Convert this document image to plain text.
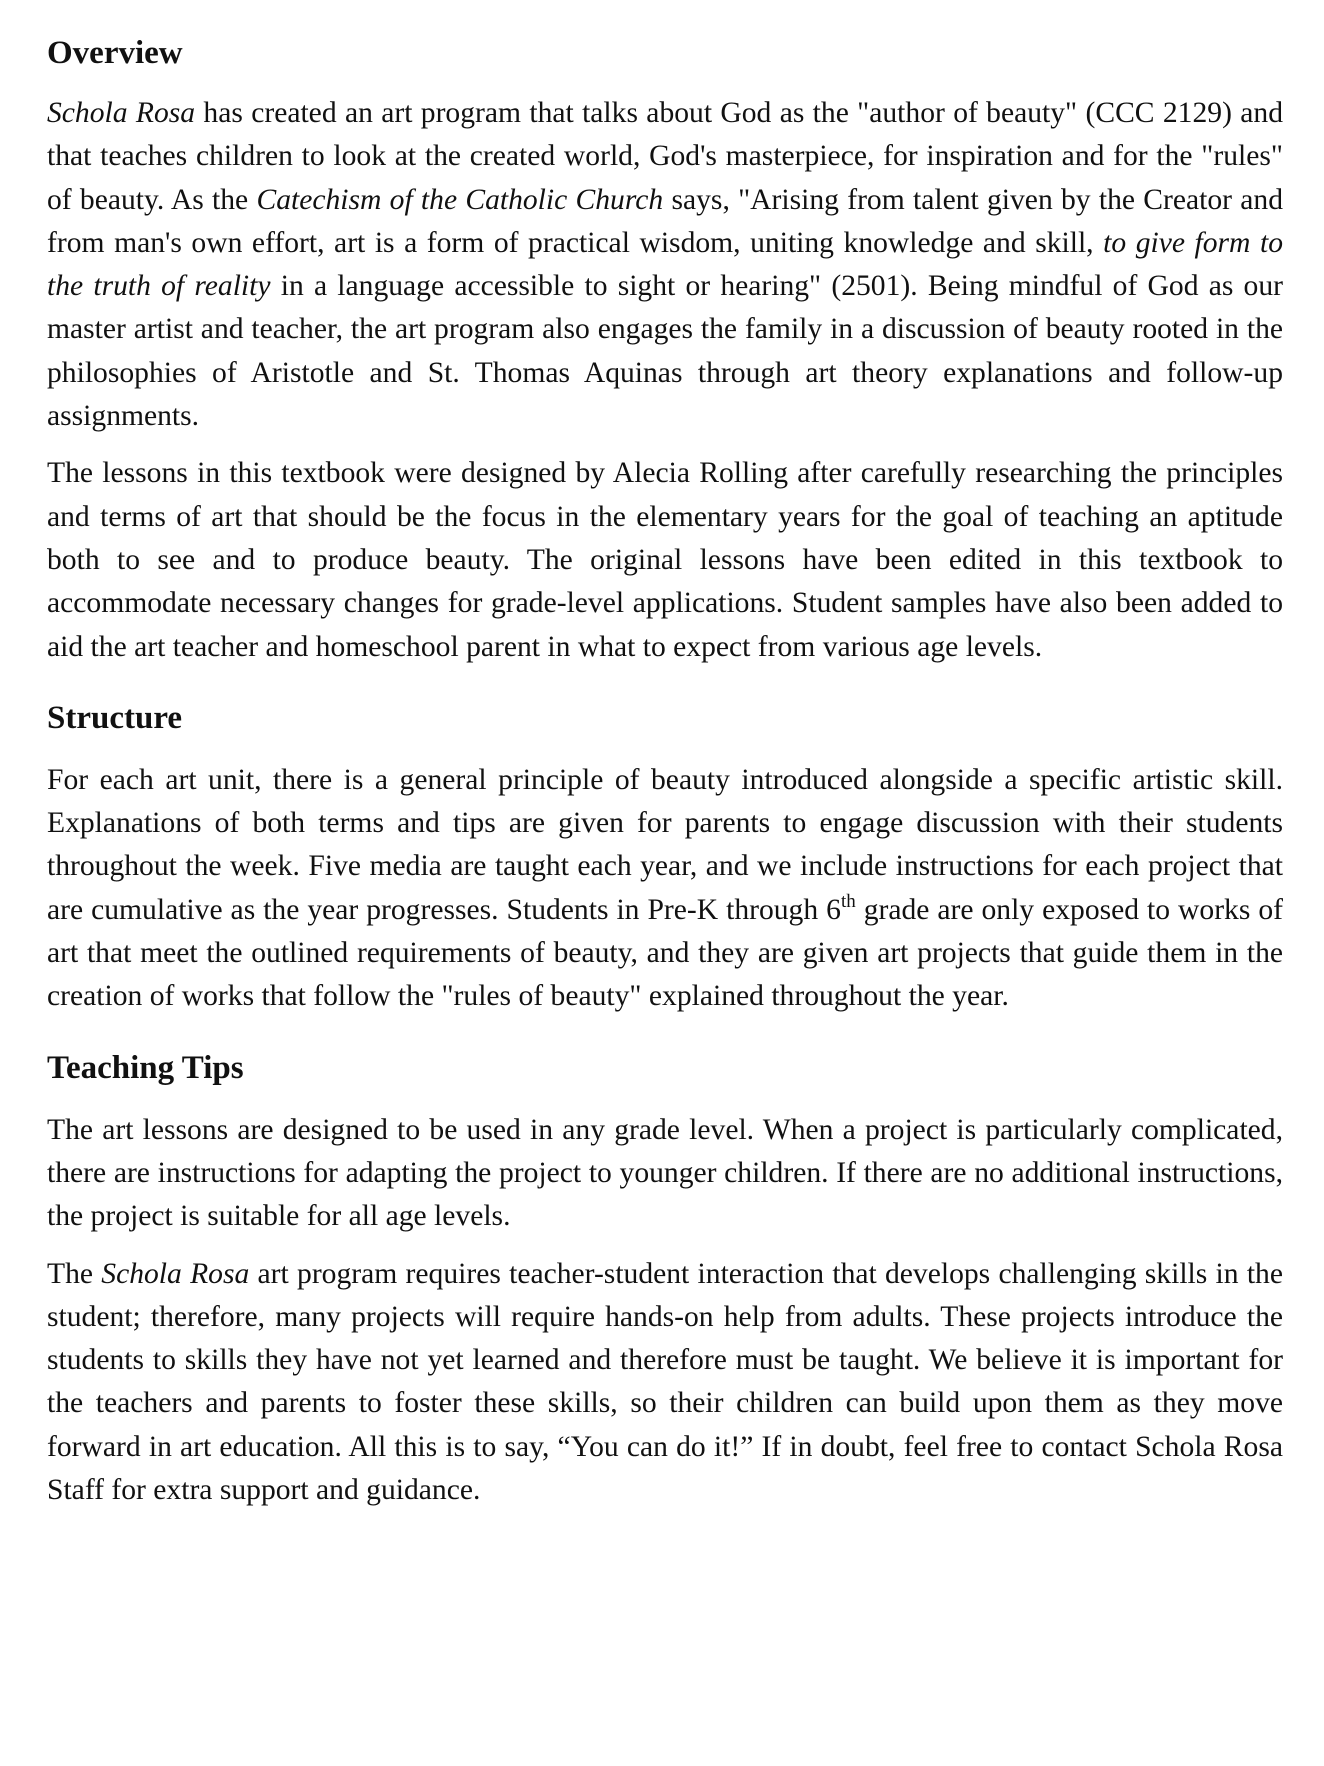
Overview

Schola Rosa has created an art program that talks about God as the "author of beauty" (CCC 2129) and that teaches children to look at the created world, God's masterpiece, for inspiration and for the "rules" of beauty. As the Catechism of the Catholic Church says, "Arising from talent given by the Creator and from man's own effort, art is a form of practical wisdom, uniting knowledge and skill, to give form to the truth of reality in a language accessible to sight or hearing" (2501). Being mindful of God as our master artist and teacher, the art program also engages the family in a discussion of beauty rooted in the philosophies of Aristotle and St. Thomas Aquinas through art theory explanations and follow-up assignments.

The lessons in this textbook were designed by Alecia Rolling after carefully researching the principles and terms of art that should be the focus in the elementary years for the goal of teaching an aptitude both to see and to produce beauty. The original lessons have been edited in this textbook to accommodate necessary changes for grade-level applications. Student samples have also been added to aid the art teacher and homeschool parent in what to expect from various age levels.

Structure

For each art unit, there is a general principle of beauty introduced alongside a specific artistic skill. Explanations of both terms and tips are given for parents to engage discussion with their students throughout the week. Five media are taught each year, and we include instructions for each project that are cumulative as the year progresses. Students in Pre-K through 6th grade are only exposed to works of art that meet the outlined requirements of beauty, and they are given art projects that guide them in the creation of works that follow the "rules of beauty" explained throughout the year.

Teaching Tips

The art lessons are designed to be used in any grade level. When a project is particularly complicated, there are instructions for adapting the project to younger children. If there are no additional instructions, the project is suitable for all age levels.

The Schola Rosa art program requires teacher-student interaction that develops challenging skills in the student; therefore, many projects will require hands-on help from adults. These projects introduce the students to skills they have not yet learned and therefore must be taught. We believe it is important for the teachers and parents to foster these skills, so their children can build upon them as they move forward in art education. All this is to say, “You can do it!” If in doubt, feel free to contact Schola Rosa Staff for extra support and guidance.
